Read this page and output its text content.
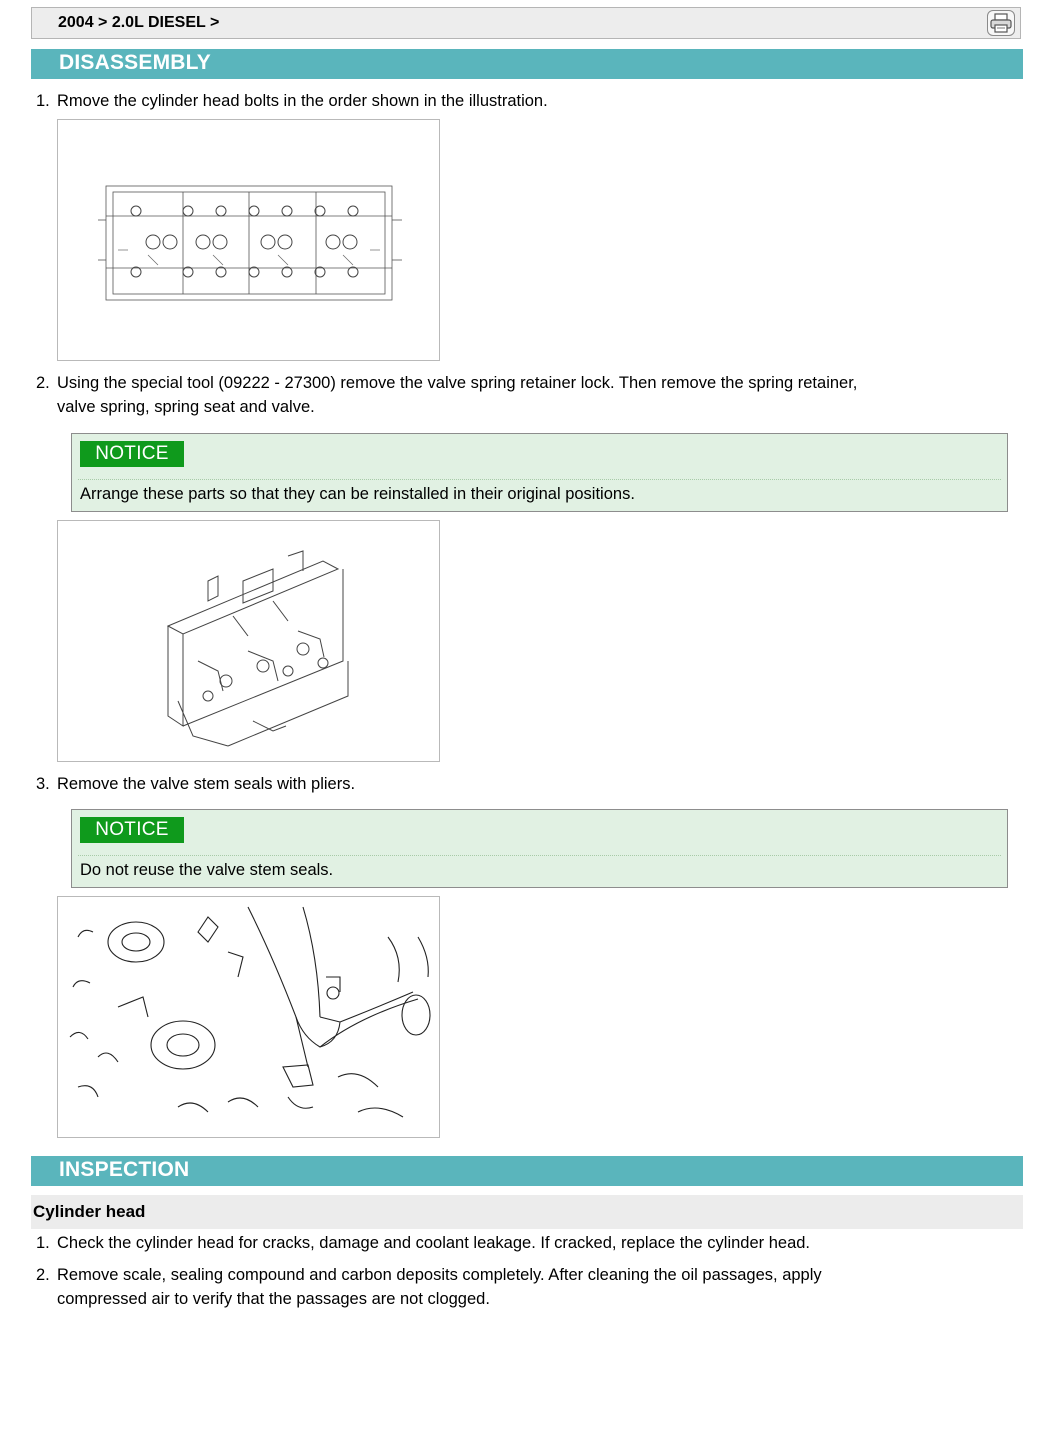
2004 > 2.0L DIESEL >
DISASSEMBLY
1. Rmove the cylinder head bolts in the order shown in the illustration.
2. Using the special tool (09222 - 27300) remove the valve spring retainer lock. Then remove the spring retainer,
valve spring, spring seat and valve.
NOTICE
Arrange these parts so that they can be reinstalled in their original positions.
3. Remove the valve stem seals with pliers.
NOTICE
Do not reuse the valve stem seals.
INSPECTION
Cylinder head
1. Check the cylinder head for cracks, damage and coolant leakage. If cracked, replace the cylinder head.
2. Remove scale, sealing compound and carbon deposits completely. After cleaning the oil passages, apply
compressed air to verify that the passages are not clogged.
